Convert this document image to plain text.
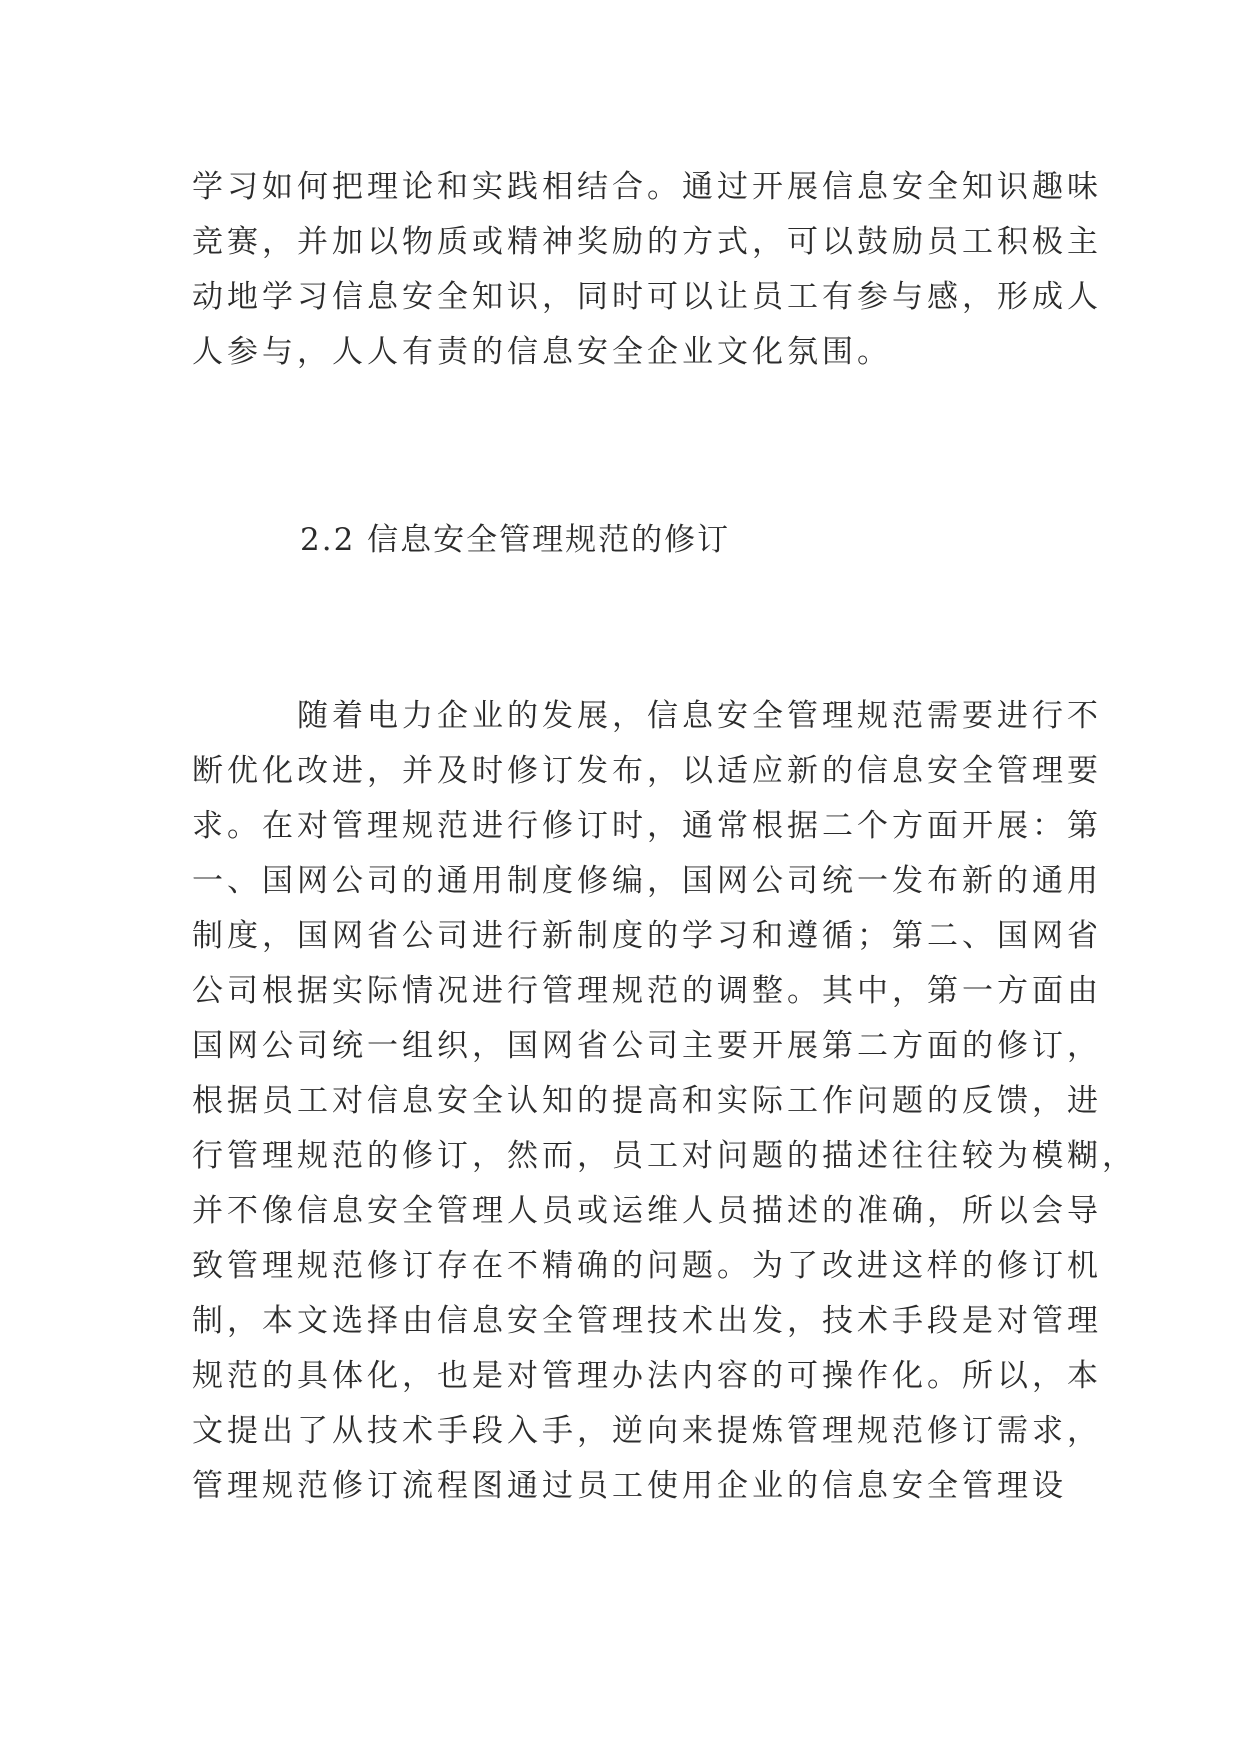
学习如何把理论和实践相结合。通过开展信息安全知识趣味
竞赛，并加以物质或精神奖励的方式，可以鼓励员工积极主
动地学习信息安全知识，同时可以让员工有参与感，形成人
人参与，人人有责的信息安全企业文化氛围。

2.2 信息安全管理规范的修订

　　　随着电力企业的发展，信息安全管理规范需要进行不
断优化改进，并及时修订发布，以适应新的信息安全管理要
求。在对管理规范进行修订时，通常根据二个方面开展：第
一、国网公司的通用制度修编，国网公司统一发布新的通用
制度，国网省公司进行新制度的学习和遵循；第二、国网省
公司根据实际情况进行管理规范的调整。其中，第一方面由
国网公司统一组织，国网省公司主要开展第二方面的修订，
根据员工对信息安全认知的提高和实际工作问题的反馈，进
行管理规范的修订，然而，员工对问题的描述往往较为模糊，
并不像信息安全管理人员或运维人员描述的准确，所以会导
致管理规范修订存在不精确的问题。为了改进这样的修订机
制，本文选择由信息安全管理技术出发，技术手段是对管理
规范的具体化，也是对管理办法内容的可操作化。所以，本
文提出了从技术手段入手，逆向来提炼管理规范修订需求，
管理规范修订流程图通过员工使用企业的信息安全管理设
